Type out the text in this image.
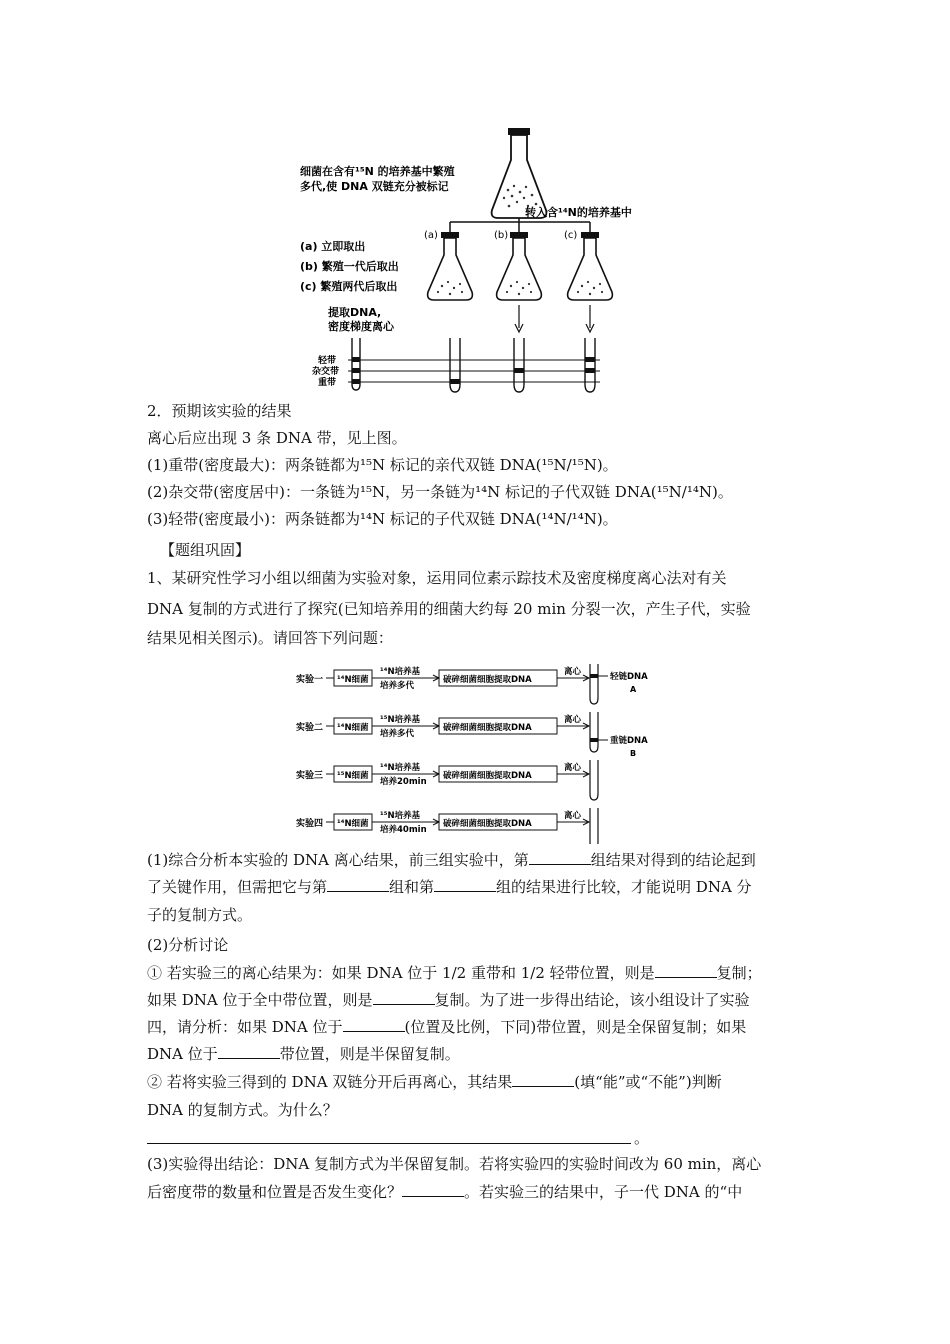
细菌在含有¹⁵N 的培养基中繁殖
多代,使 DNA 双链充分被标记
转入含¹⁴N的培养基中
(a)	(b)	(c)
(a) 立即取出
(b) 繁殖一代后取出
(c) 繁殖两代后取出
提取DNA,
密度梯度离心
轻带
杂交带
重带
2．预期该实验的结果
离心后应出现 3 条 DNA 带，见上图。
(1)重带(密度最大)：两条链都为¹⁵N 标记的亲代双链 DNA(¹⁵N/¹⁵N)。
(2)杂交带(密度居中)：一条链为¹⁵N，另一条链为¹⁴N 标记的子代双链 DNA(¹⁵N/¹⁴N)。
(3)轻带(密度最小)：两条链都为¹⁴N 标记的子代双链 DNA(¹⁴N/¹⁴N)。
【题组巩固】
1、某研究性学习小组以细菌为实验对象，运用同位素示踪技术及密度梯度离心法对有关
DNA 复制的方式进行了探究(已知培养用的细菌大约每 20 min 分裂一次，产生子代，实验
结果见相关图示)。请回答下列问题：
实验一 ¹⁴N细菌
¹⁴N培养基
培养多代
破碎细菌细胞提取DNA
离心	轻链DNA
A
实验二 ¹⁴N细菌
¹⁵N培养基
培养多代
破碎细菌细胞提取DNA
离心
重链DNA
B
实验三 ¹⁵N细菌
¹⁴N培养基
培养20min
破碎细菌细胞提取DNA
离心
实验四 ¹⁴N细菌
¹⁵N培养基
培养40min
破碎细菌细胞提取DNA
离心
(1)综合分析本实验的 DNA 离心结果，前三组实验中，第	组结果对得到的结论起到
了关键作用，但需把它与第	组和第	组的结果进行比较，才能说明 DNA 分
子的复制方式。
(2)分析讨论
① 若实验三的离心结果为：如果 DNA 位于 1/2 重带和 1/2 轻带位置，则是	复制；
如果 DNA 位于全中带位置，则是	复制。为了进一步得出结论，该小组设计了实验
四，请分析：如果 DNA 位于	(位置及比例，下同)带位置，则是全保留复制；如果
DNA 位于	带位置，则是半保留复制。
② 若将实验三得到的 DNA 双链分开后再离心，其结果	(填“能”或“不能”)判断
DNA 的复制方式。为什么？
。
(3)实验得出结论：DNA 复制方式为半保留复制。若将实验四的实验时间改为 60 min，离心
后密度带的数量和位置是否发生变化？	。若实验三的结果中，子一代 DNA 的“中
